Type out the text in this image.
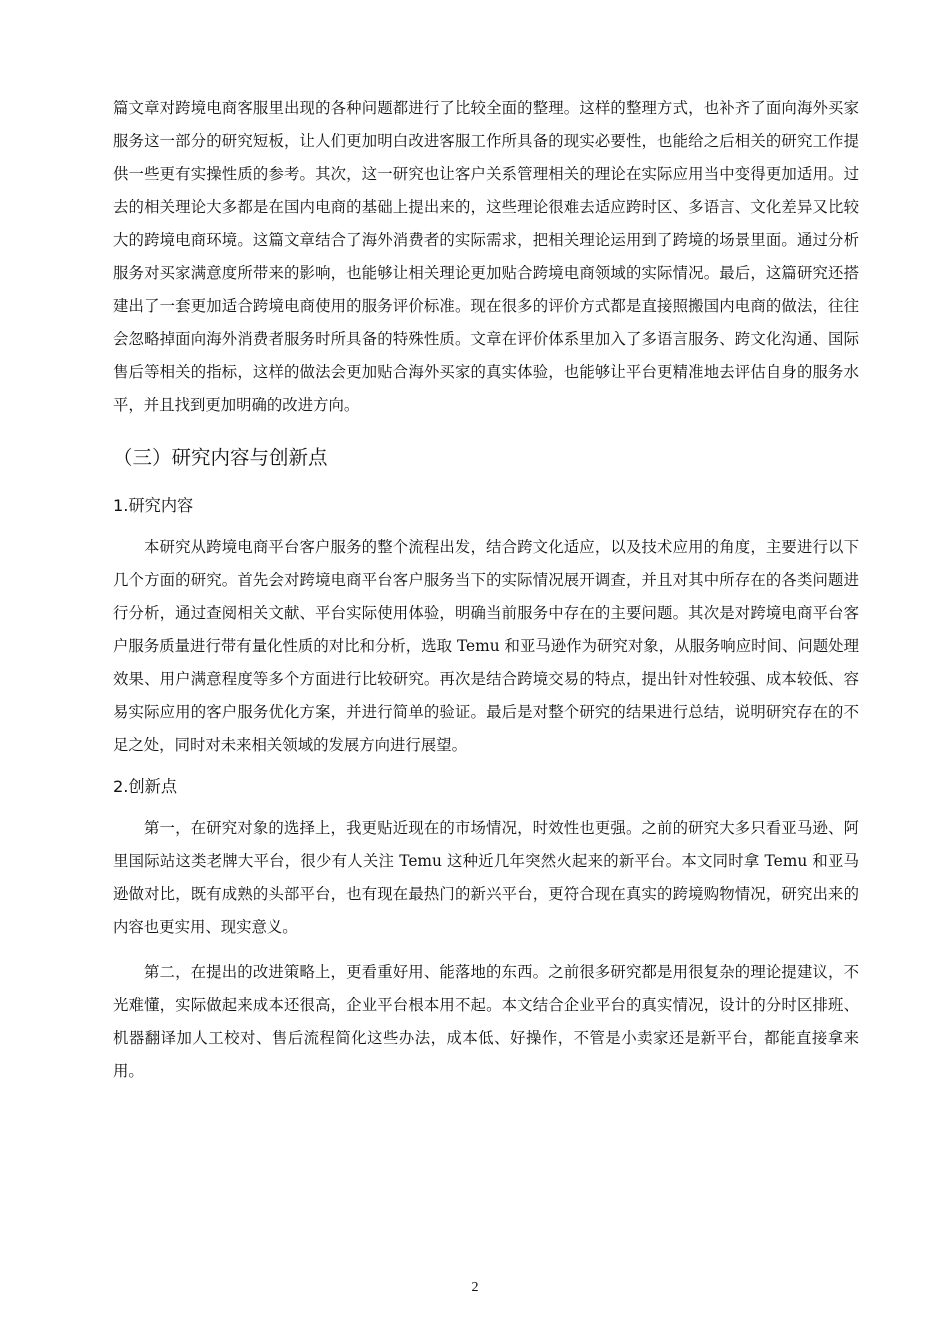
篇文章对跨境电商客服里出现的各种问题都进行了比较全面的整理。这样的整理方式，也补齐了面向海外买家服务这一部分的研究短板，让人们更加明白改进客服工作所具备的现实必要性，也能给之后相关的研究工作提供一些更有实操性质的参考。其次，这一研究也让客户关系管理相关的理论在实际应用当中变得更加适用。过去的相关理论大多都是在国内电商的基础上提出来的，这些理论很难去适应跨时区、多语言、文化差异又比较大的跨境电商环境。这篇文章结合了海外消费者的实际需求，把相关理论运用到了跨境的场景里面。通过分析服务对买家满意度所带来的影响，也能够让相关理论更加贴合跨境电商领域的实际情况。最后，这篇研究还搭建出了一套更加适合跨境电商使用的服务评价标准。现在很多的评价方式都是直接照搬国内电商的做法，往往会忽略掉面向海外消费者服务时所具备的特殊性质。文章在评价体系里加入了多语言服务、跨文化沟通、国际售后等相关的指标，这样的做法会更加贴合海外买家的真实体验，也能够让平台更精准地去评估自身的服务水平，并且找到更加明确的改进方向。

（三）研究内容与创新点
1.研究内容

本研究从跨境电商平台客户服务的整个流程出发，结合跨文化适应，以及技术应用的角度，主要进行以下几个方面的研究。首先会对跨境电商平台客户服务当下的实际情况展开调查，并且对其中所存在的各类问题进行分析，通过查阅相关文献、平台实际使用体验，明确当前服务中存在的主要问题。其次是对跨境电商平台客户服务质量进行带有量化性质的对比和分析，选取 Temu 和亚马逊作为研究对象，从服务响应时间、问题处理效果、用户满意程度等多个方面进行比较研究。再次是结合跨境交易的特点，提出针对性较强、成本较低、容易实际应用的客户服务优化方案，并进行简单的验证。最后是对整个研究的结果进行总结，说明研究存在的不足之处，同时对未来相关领域的发展方向进行展望。

2.创新点

第一，在研究对象的选择上，我更贴近现在的市场情况，时效性也更强。之前的研究大多只看亚马逊、阿里国际站这类老牌大平台，很少有人关注 Temu 这种近几年突然火起来的新平台。本文同时拿 Temu 和亚马逊做对比，既有成熟的头部平台，也有现在最热门的新兴平台，更符合现在真实的跨境购物情况，研究出来的内容也更实用、现实意义。

第二，在提出的改进策略上，更看重好用、能落地的东西。之前很多研究都是用很复杂的理论提建议，不光难懂，实际做起来成本还很高，企业平台根本用不起。本文结合企业平台的真实情况，设计的分时区排班、机器翻译加人工校对、售后流程简化这些办法，成本低、好操作，不管是小卖家还是新平台，都能直接拿来用。

2
